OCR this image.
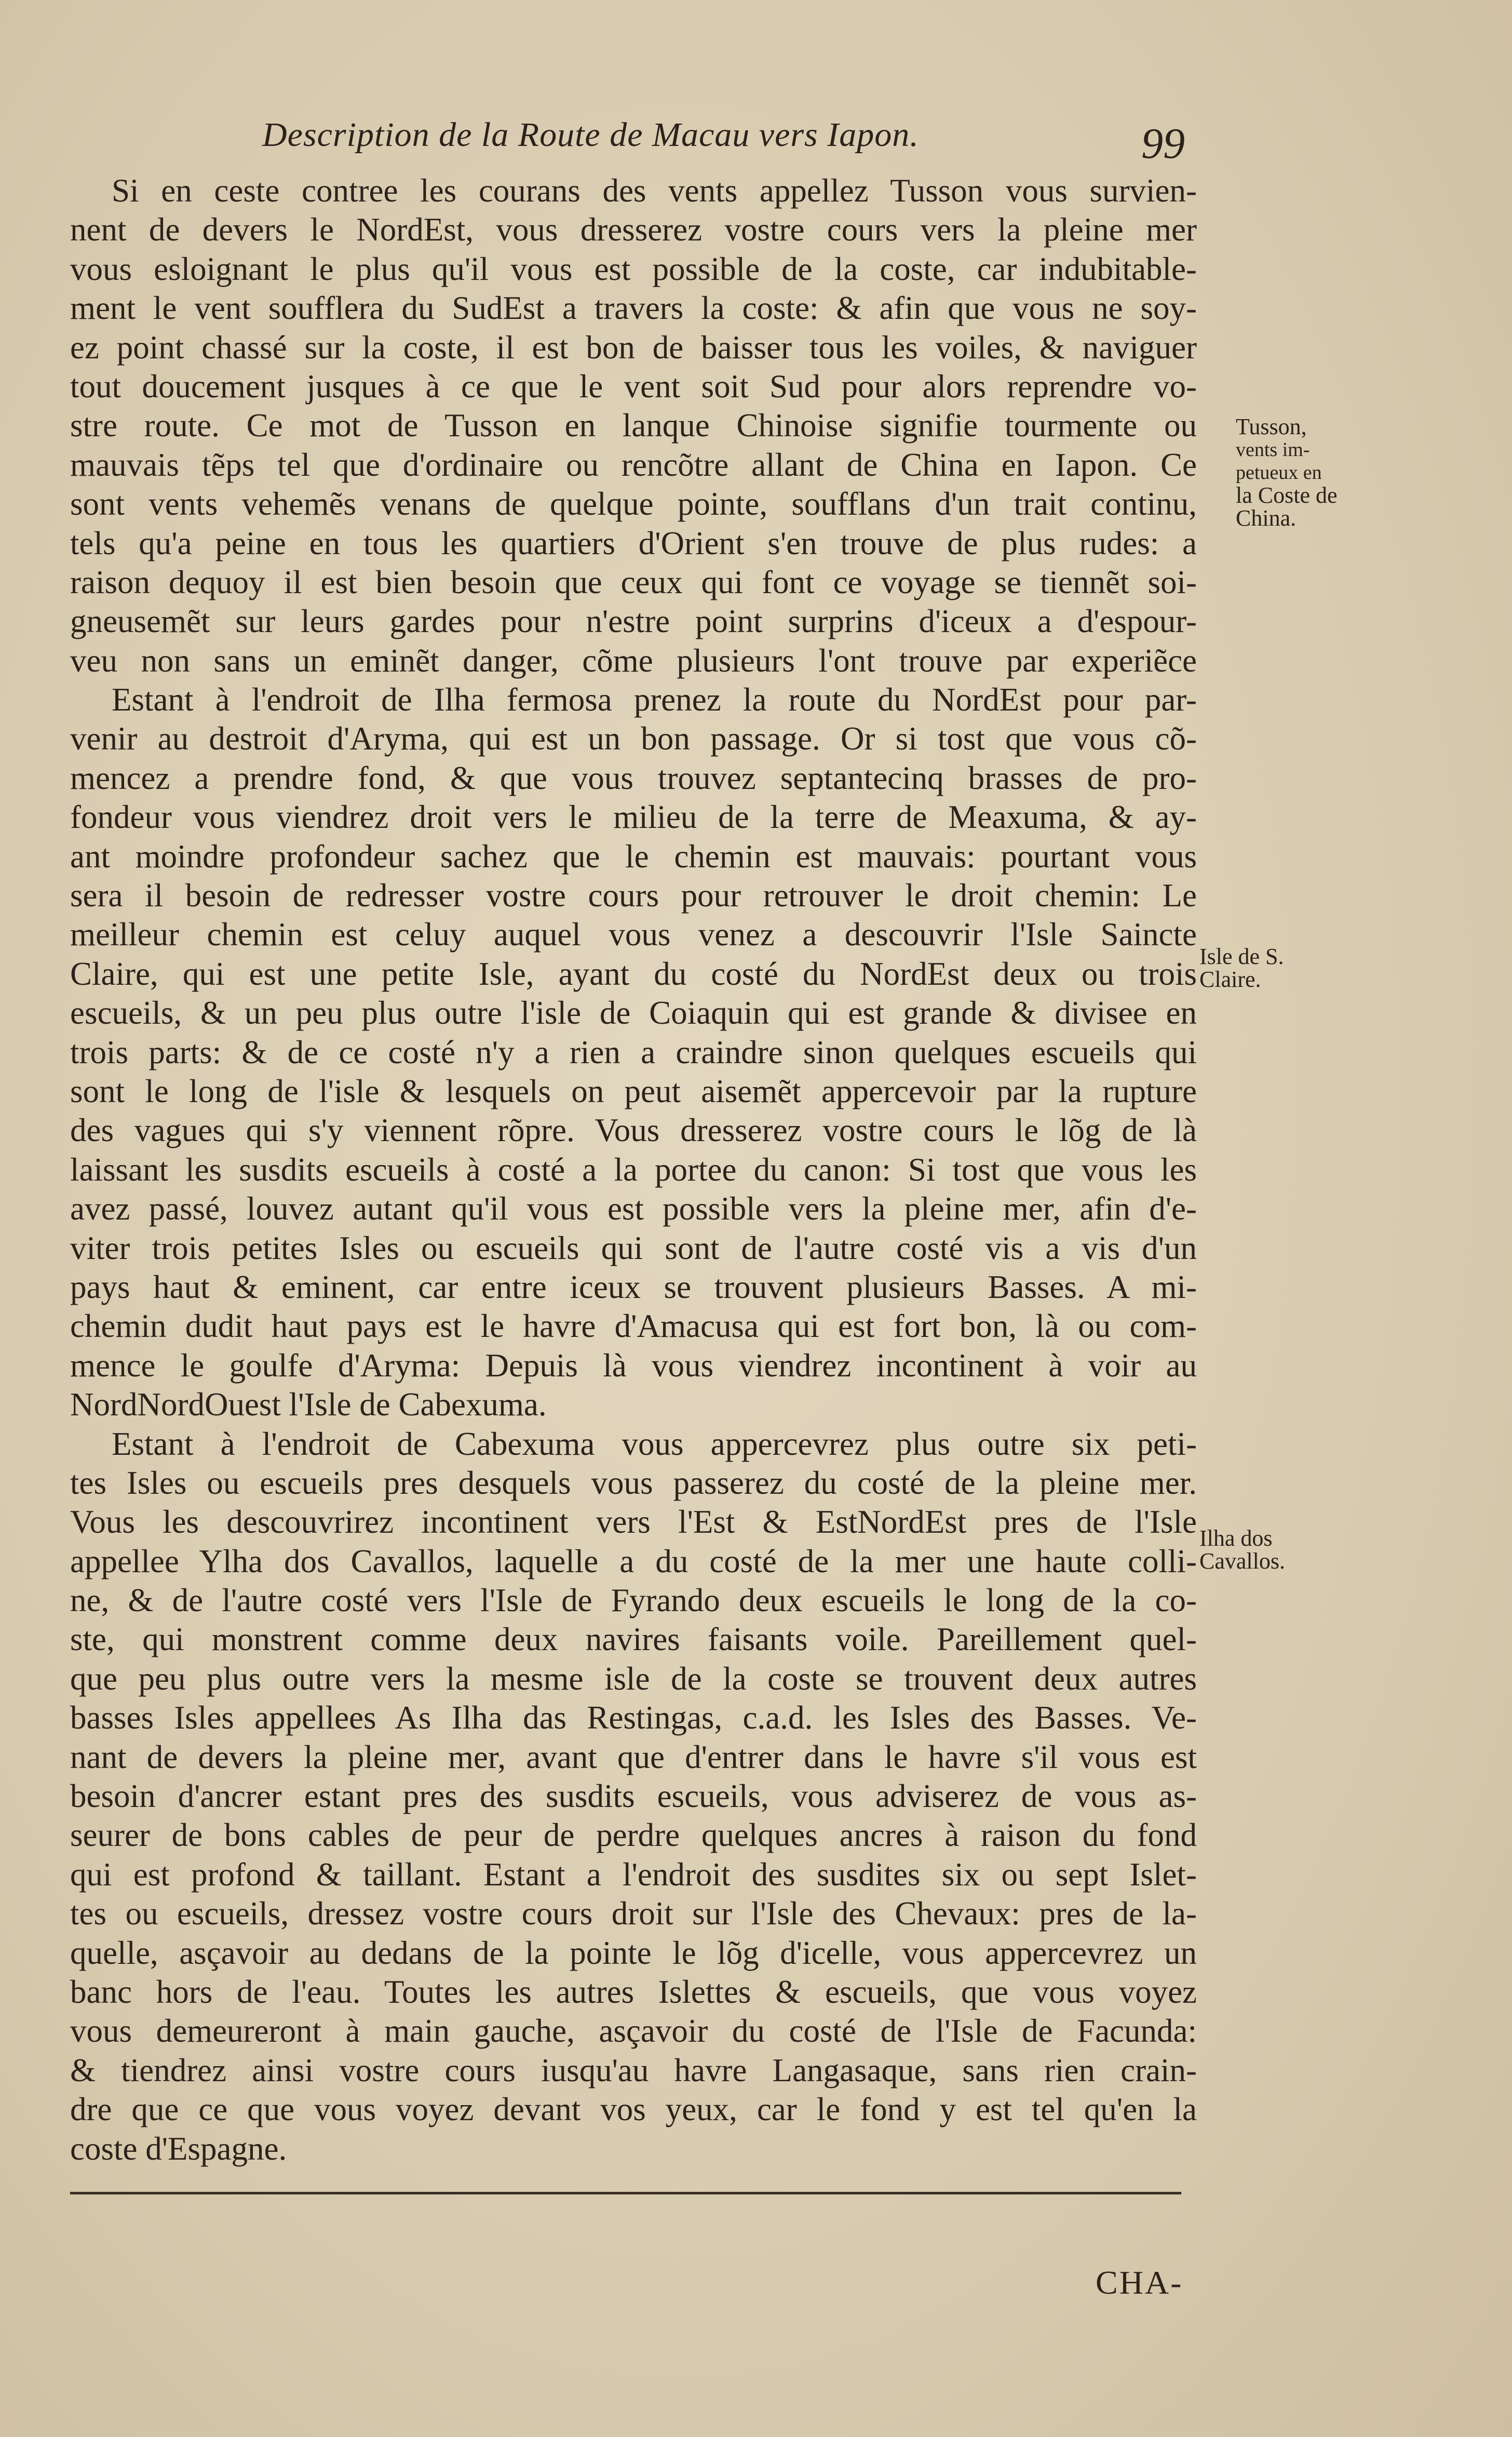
Description de la Route de Macau vers Iapon.	99
Si en ceste contree les courans des vents appellez Tusson vous survien-
nent de devers le NordEst, vous dresserez vostre cours vers la pleine mer
vous esloignant le plus qu'il vous est possible de la coste, car indubitable-
ment le vent soufflera du SudEst a travers la coste: & afin que vous ne soy-
ez point chassé sur la coste, il est bon de baisser tous les voiles, & naviguer
tout doucement jusques à ce que le vent soit Sud pour alors reprendre vo-
stre route. Ce mot de Tusson en lanque Chinoise signifie tourmente ou
mauvais tẽps tel que d'ordinaire ou rencõtre allant de China en Iapon. Ce
sont vents vehemẽs venans de quelque pointe, soufflans d'un trait continu,
tels qu'a peine en tous les quartiers d'Orient s'en trouve de plus rudes: a
raison dequoy il est bien besoin que ceux qui font ce voyage se tiennẽt soi-
gneusemẽt sur leurs gardes pour n'estre point surprins d'iceux a d'espour-
veu non sans un eminẽt danger, cõme plusieurs l'ont trouve par experiẽce
Estant à l'endroit de Ilha fermosa prenez la route du NordEst pour par-
venir au destroit d'Aryma, qui est un bon passage. Or si tost que vous cõ-
mencez a prendre fond, & que vous trouvez septantecinq brasses de pro-
fondeur vous viendrez droit vers le milieu de la terre de Meaxuma, & ay-
ant moindre profondeur sachez que le chemin est mauvais: pourtant vous
sera il besoin de redresser vostre cours pour retrouver le droit chemin: Le
meilleur chemin est celuy auquel vous venez a descouvrir l'Isle Saincte
Claire, qui est une petite Isle, ayant du costé du NordEst deux ou trois
escueils, & un peu plus outre l'isle de Coiaquin qui est grande & divisee en
trois parts: & de ce costé n'y a rien a craindre sinon quelques escueils qui
sont le long de l'isle & lesquels on peut aisemẽt appercevoir par la rupture
des vagues qui s'y viennent rõpre. Vous dresserez vostre cours le lõg de là
laissant les susdits escueils à costé a la portee du canon: Si tost que vous les
avez passé, louvez autant qu'il vous est possible vers la pleine mer, afin d'e-
viter trois petites Isles ou escueils qui sont de l'autre costé vis a vis d'un
pays haut & eminent, car entre iceux se trouvent plusieurs Basses. A mi-
chemin dudit haut pays est le havre d'Amacusa qui est fort bon, là ou com-
mence le goulfe d'Aryma: Depuis là vous viendrez incontinent à voir au
NordNordOuest l'Isle de Cabexuma.
Estant à l'endroit de Cabexuma vous appercevrez plus outre six peti-
tes Isles ou escueils pres desquels vous passerez du costé de la pleine mer.
Vous les descouvrirez incontinent vers l'Est & EstNordEst pres de l'Isle
appellee Ylha dos Cavallos, laquelle a du costé de la mer une haute colli-
ne, & de l'autre costé vers l'Isle de Fyrando deux escueils le long de la co-
ste, qui monstrent comme deux navires faisants voile. Pareillement quel-
que peu plus outre vers la mesme isle de la coste se trouvent deux autres
basses Isles appellees As Ilha das Restingas, c.a.d. les Isles des Basses. Ve-
nant de devers la pleine mer, avant que d'entrer dans le havre s'il vous est
besoin d'ancrer estant pres des susdits escueils, vous adviserez de vous as-
seurer de bons cables de peur de perdre quelques ancres à raison du fond
qui est profond & taillant. Estant a l'endroit des susdites six ou sept Islet-
tes ou escueils, dressez vostre cours droit sur l'Isle des Chevaux: pres de la-
quelle, asçavoir au dedans de la pointe le lõg d'icelle, vous appercevrez un
banc hors de l'eau. Toutes les autres Islettes & escueils, que vous voyez
vous demeureront à main gauche, asçavoir du costé de l'Isle de Facunda:
& tiendrez ainsi vostre cours iusqu'au havre Langasaque, sans rien crain-
dre que ce que vous voyez devant vos yeux, car le fond y est tel qu'en la
coste d'Espagne.
Tusson,
vents im-
petueux en
la Coste de
China.
Isle de S.
Claire.
Ilha dos
Cavallos.
CHA-
